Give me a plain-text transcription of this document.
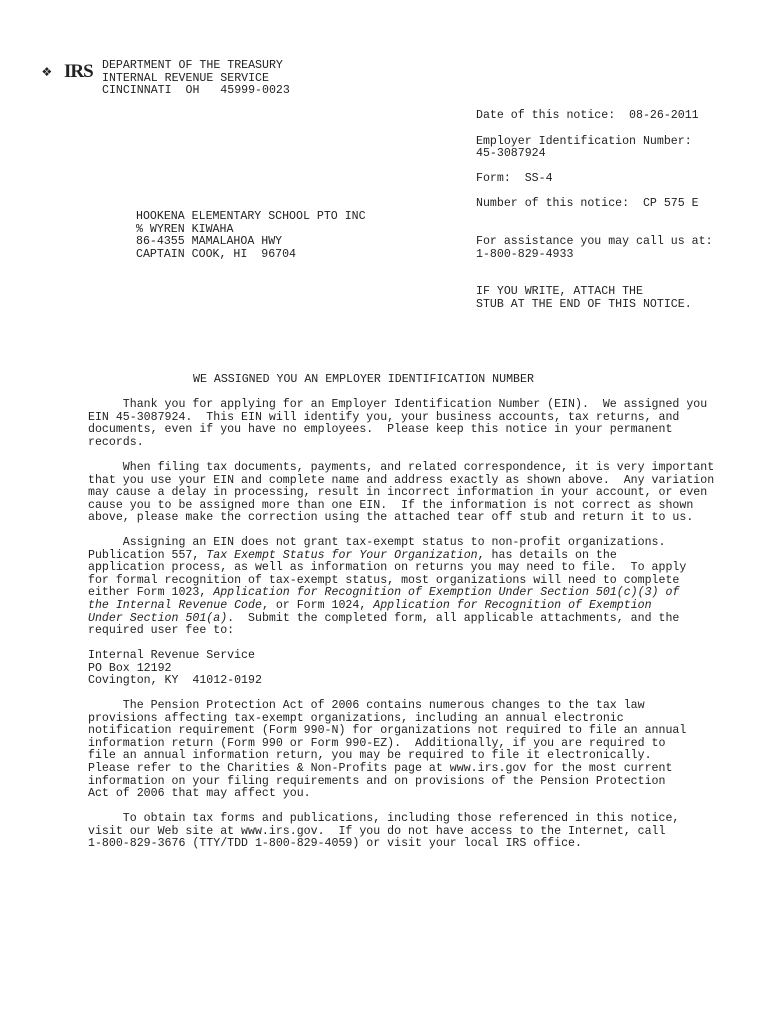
❖ IRS DEPARTMENT OF THE TREASURY
INTERNAL REVENUE SERVICE
CINCINNATI  OH   45999-0023
Date of this notice:  08-26-2011
Employer Identification Number:
45-3087924
Form:  SS-4
Number of this notice:  CP 575 E
For assistance you may call us at:
1-800-829-4933
IF YOU WRITE, ATTACH THE
STUB AT THE END OF THIS NOTICE.
HOOKENA ELEMENTARY SCHOOL PTO INC
% WYREN KIWAHA
86-4355 MAMALAHOA HWY
CAPTAIN COOK, HI  96704
WE ASSIGNED YOU AN EMPLOYER IDENTIFICATION NUMBER
Thank you for applying for an Employer Identification Number (EIN).  We assigned you
EIN 45-3087924.  This EIN will identify you, your business accounts, tax returns, and
documents, even if you have no employees.  Please keep this notice in your permanent
records.
When filing tax documents, payments, and related correspondence, it is very important
that you use your EIN and complete name and address exactly as shown above.  Any variation
may cause a delay in processing, result in incorrect information in your account, or even
cause you to be assigned more than one EIN.  If the information is not correct as shown
above, please make the correction using the attached tear off stub and return it to us.
Assigning an EIN does not grant tax-exempt status to non-profit organizations.
Publication 557, Tax Exempt Status for Your Organization, has details on the
application process, as well as information on returns you may need to file.  To apply
for formal recognition of tax-exempt status, most organizations will need to complete
either Form 1023, Application for Recognition of Exemption Under Section 501(c)(3) of
the Internal Revenue Code, or Form 1024, Application for Recognition of Exemption
Under Section 501(a).  Submit the completed form, all applicable attachments, and the
required user fee to:
Internal Revenue Service
PO Box 12192
Covington, KY  41012-0192
The Pension Protection Act of 2006 contains numerous changes to the tax law
provisions affecting tax-exempt organizations, including an annual electronic
notification requirement (Form 990-N) for organizations not required to file an annual
information return (Form 990 or Form 990-EZ).  Additionally, if you are required to
file an annual information return, you may be required to file it electronically.
Please refer to the Charities & Non-Profits page at www.irs.gov for the most current
information on your filing requirements and on provisions of the Pension Protection
Act of 2006 that may affect you.
To obtain tax forms and publications, including those referenced in this notice,
visit our Web site at www.irs.gov.  If you do not have access to the Internet, call
1-800-829-3676 (TTY/TDD 1-800-829-4059) or visit your local IRS office.
